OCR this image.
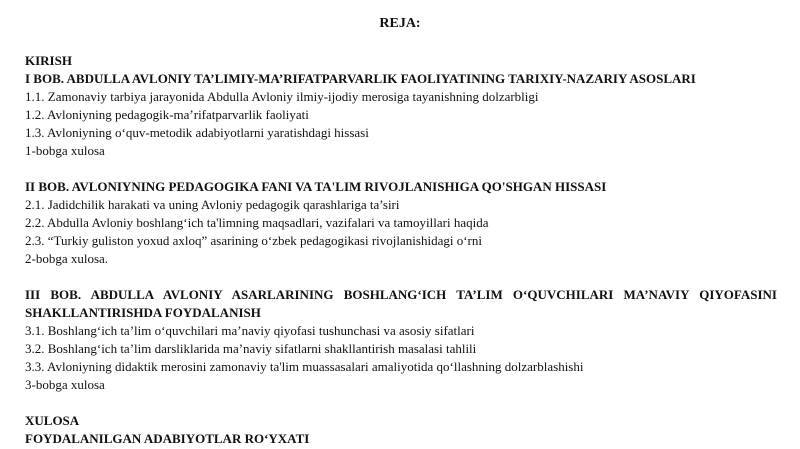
REJA:
KIRISH
I BOB. ABDULLA AVLONIY TA’LIMIY-MA’RIFATPARVARLIK FAOLIYATINING TARIXIY-NAZARIY ASOSLARI
1.1. Zamonaviy tarbiya jarayonida Abdulla Avloniy ilmiy-ijodiy merosiga tayanishning dolzarbligi
1.2. Avloniyning pedagogik-ma’rifatparvarlik faoliyati
1.3. Avloniyning o‘quv-metodik adabiyotlarni yaratishdagi hissasi
1-bobga xulosa
II BOB. AVLONIYNING PEDAGOGIKA FANI VA TA'LIM RIVOJLANISHIGA QO'SHGAN HISSASI
2.1. Jadidchilik harakati va uning Avloniy pedagogik qarashlariga ta’siri
2.2. Abdulla Avloniy boshlang‘ich ta'limning maqsadlari, vazifalari va tamoyillari haqida
2.3. “Turkiy guliston yoxud axloq” asarining o‘zbek pedagogikasi rivojlanishidagi o‘rni
2-bobga xulosa.
III BOB. ABDULLA AVLONIY ASARLARINING BOSHLANG‘ICH TA’LIM O‘QUVCHILARI MA’NAVIY QIYOFASINI
SHAKLLANTIRISHDA FOYDALANISH
3.1. Boshlang‘ich ta’lim o‘quvchilari ma’naviy qiyofasi tushunchasi va asosiy sifatlari
3.2. Boshlang‘ich ta’lim darsliklarida ma’naviy sifatlarni shakllantirish masalasi tahlili
3.3. Avloniyning didaktik merosini zamonaviy ta'lim muassasalari amaliyotida qo‘llashning dolzarblashishi
3-bobga xulosa
XULOSA
FOYDALANILGAN ADABIYOTLAR RO‘YXATI
